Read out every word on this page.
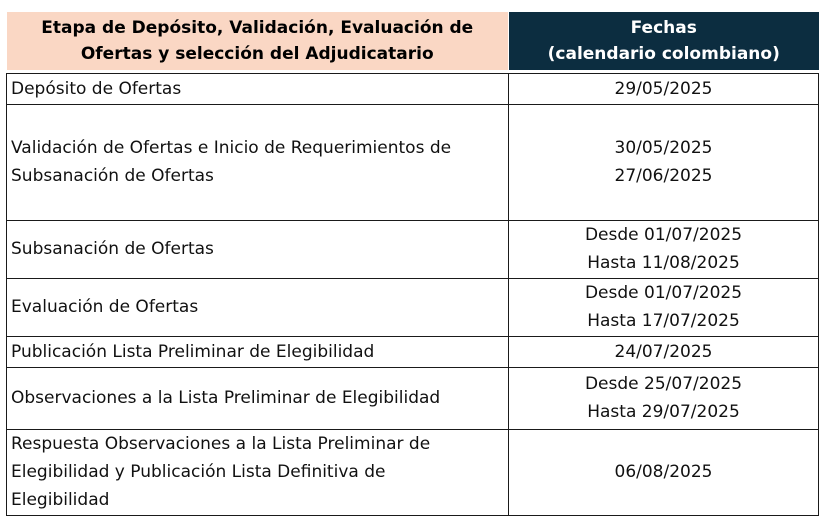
Etapa de Depósito, Validación, Evaluación de
Ofertas y selección del Adjudicatario	Fechas
(calendario colombiano)

Depósito de Ofertas	29/05/2025

Validación de Ofertas e Inicio de Requerimientos de
Subsanación de Ofertas	30/05/2025
27/06/2025

Subsanación de Ofertas	Desde 01/07/2025
Hasta 11/08/2025

Evaluación de Ofertas	Desde 01/07/2025
Hasta 17/07/2025

Publicación Lista Preliminar de Elegibilidad	24/07/2025

Observaciones a la Lista Preliminar de Elegibilidad	Desde 25/07/2025
Hasta 29/07/2025

Respuesta Observaciones a la Lista Preliminar de
Elegibilidad y Publicación Lista Definitiva de
Elegibilidad	06/08/2025
